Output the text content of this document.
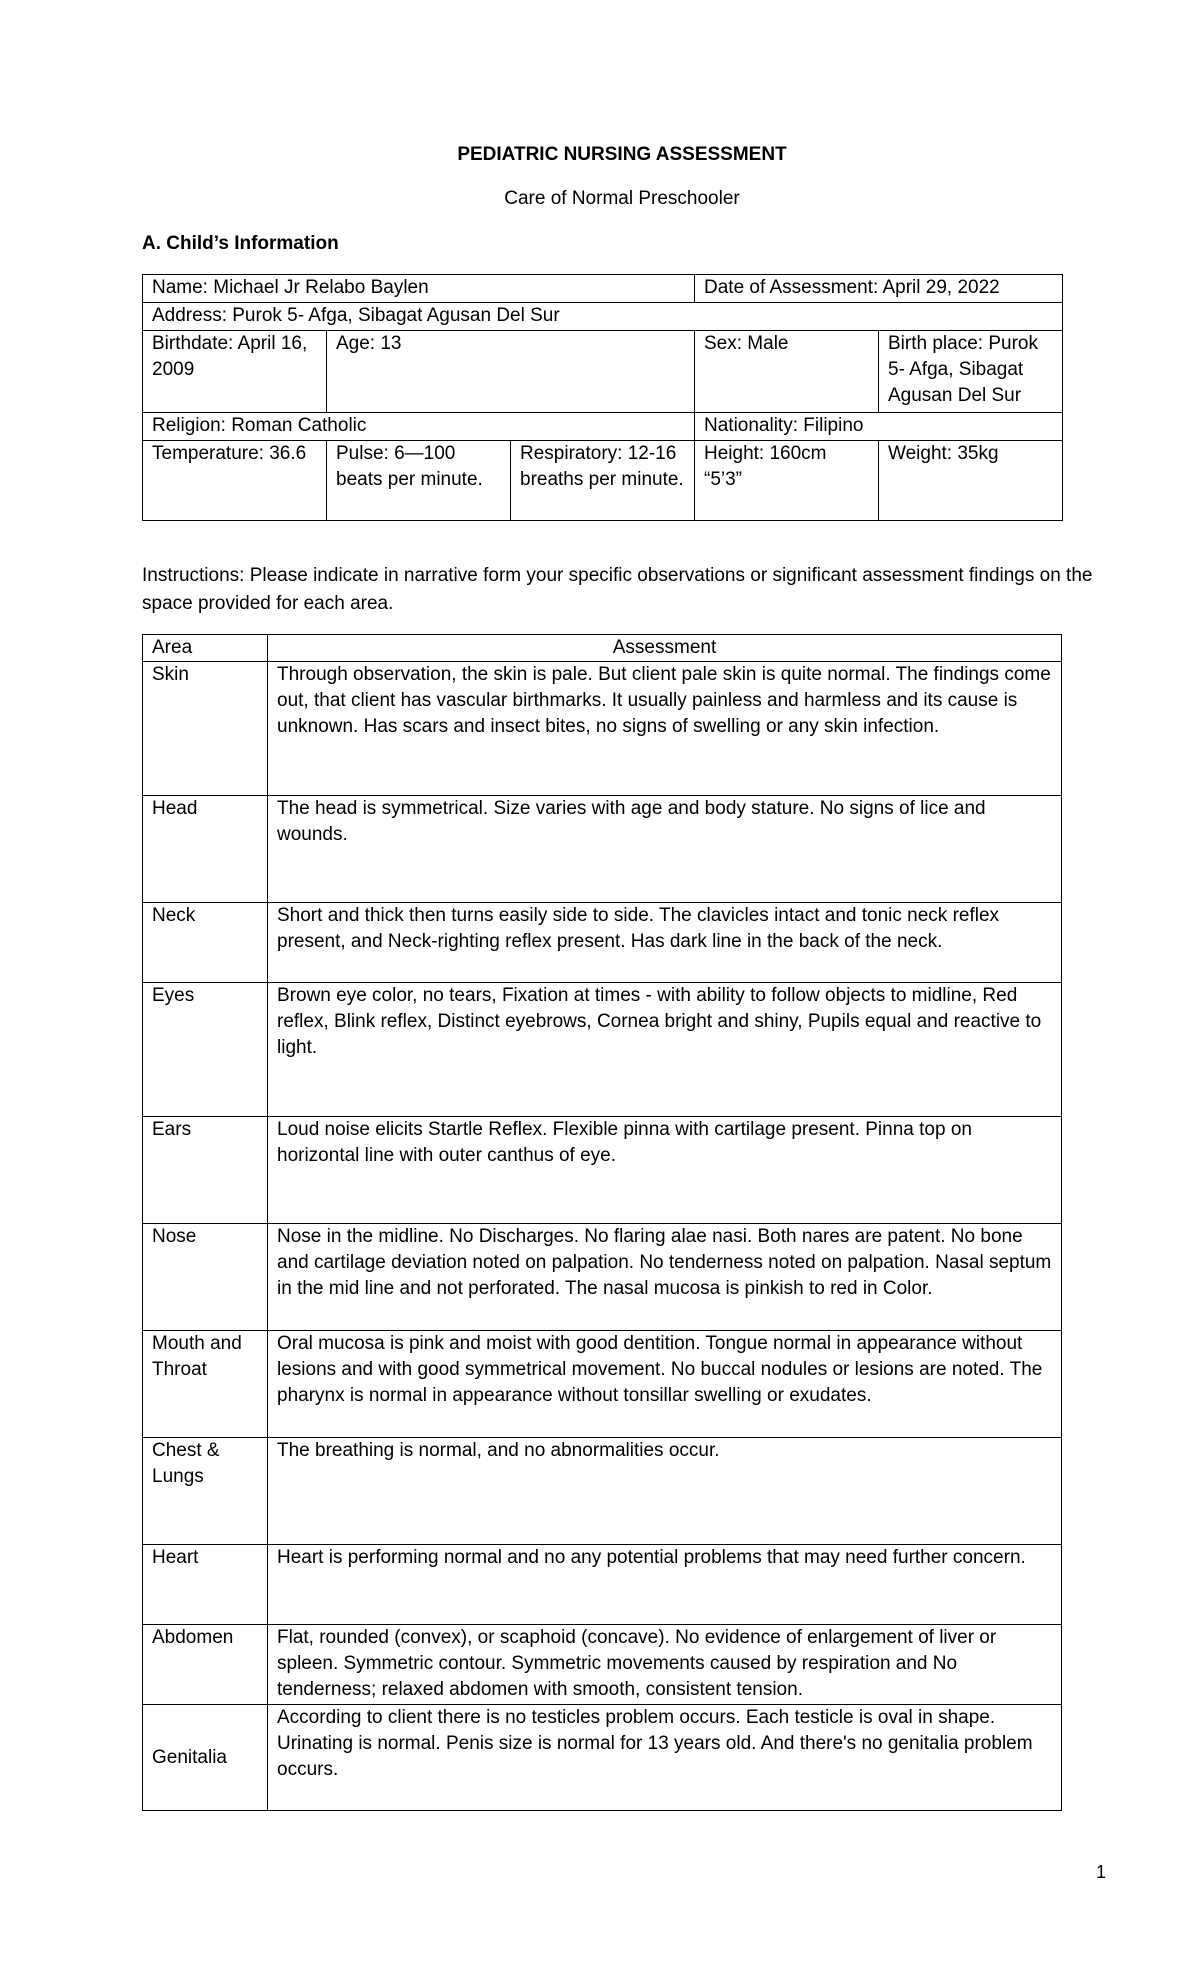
PEDIATRIC NURSING ASSESSMENT
Care of Normal Preschooler
A. Child’s Information
Name: Michael Jr Relabo Baylen			Date of Assessment: April 29, 2022	
Address: Purok 5- Afga, Sibagat Agusan Del Sur				
Birthdate: April 16, 2009	Age: 13		Sex: Male	Birth place: Purok 5- Afga, Sibagat Agusan Del Sur
Religion: Roman Catholic			Nationality: Filipino	
Temperature: 36.6	Pulse: 6—100 beats per minute.	Respiratory: 12-16 breaths per minute.	Height: 160cm “5’3”	Weight: 35kg
Instructions: Please indicate in narrative form your specific observations or significant assessment findings on the space provided for each area.
Area	Assessment
Skin	Through observation, the skin is pale. But client pale skin is quite normal. The findings come out, that client has vascular birthmarks. It usually painless and harmless and its cause is unknown. Has scars and insect bites, no signs of swelling or any skin infection.
Head	The head is symmetrical. Size varies with age and body stature. No signs of lice and wounds.
Neck	Short and thick then turns easily side to side. The clavicles intact and tonic neck reflex present, and Neck-righting reflex present. Has dark line in the back of the neck.
Eyes	Brown eye color, no tears, Fixation at times - with ability to follow objects to midline, Red reflex, Blink reflex, Distinct eyebrows, Cornea bright and shiny, Pupils equal and reactive to light.
Ears	Loud noise elicits Startle Reflex. Flexible pinna with cartilage present. Pinna top on horizontal line with outer canthus of eye.
Nose	Nose in the midline. No Discharges. No flaring alae nasi. Both nares are patent. No bone and cartilage deviation noted on palpation. No tenderness noted on palpation. Nasal septum in the mid line and not perforated. The nasal mucosa is pinkish to red in Color.
Mouth and Throat	Oral mucosa is pink and moist with good dentition. Tongue normal in appearance without lesions and with good symmetrical movement. No buccal nodules or lesions are noted. The pharynx is normal in appearance without tonsillar swelling or exudates.
Chest & Lungs	The breathing is normal, and no abnormalities occur.
Heart	Heart is performing normal and no any potential problems that may need further concern.
Abdomen	Flat, rounded (convex), or scaphoid (concave). No evidence of enlargement of liver or spleen. Symmetric contour. Symmetric movements caused by respiration and No tenderness; relaxed abdomen with smooth, consistent tension.
Genitalia	According to client there is no testicles problem occurs. Each testicle is oval in shape. Urinating is normal. Penis size is normal for 13 years old. And there's no genitalia problem occurs.
1
